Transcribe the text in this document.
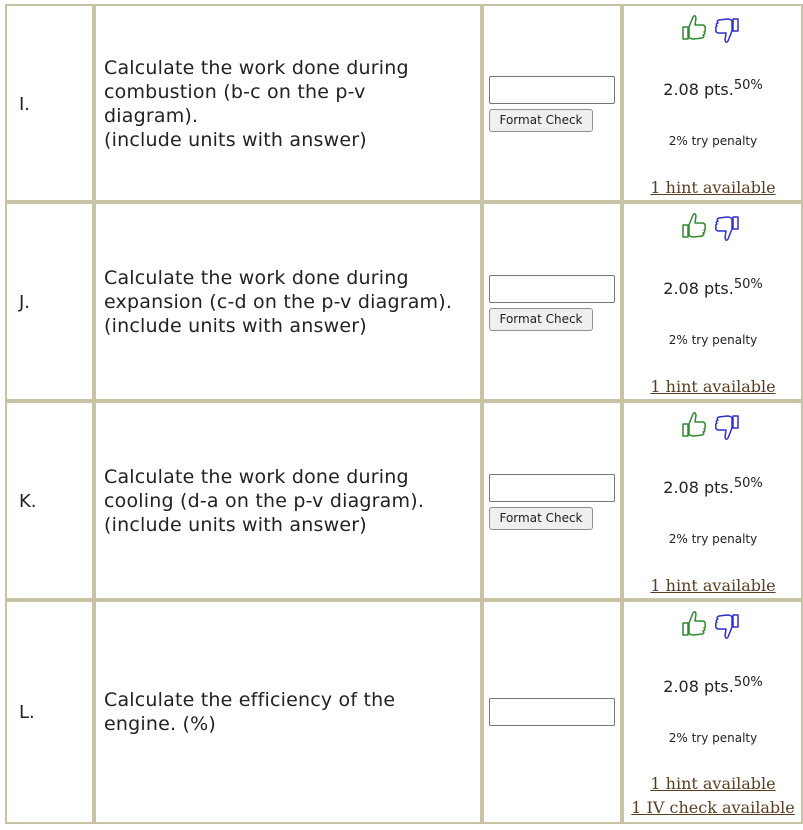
I.
Calculate the work done during
combustion (b-c on the p-v
diagram).
(include units with answer)
Format Check

2.08 pts.$^{50\%}$
2% try penalty
1 hint available
J.
Calculate the work done during
expansion (c-d on the p-v diagram).
(include units with answer)	Format Check

2.08 pts.$^{50\%}$
2% try penalty
1 hint available
K.
Calculate the work done during
cooling (d-a on the p-v diagram).
(include units with answer)	Format Check

2.08 pts.$^{50\%}$
2% try penalty
1 hint available
L.
Calculate the efficiency of the
engine. (%)

2.08 pts.$^{50\%}$
2% try penalty
1 hint available
1 IV check available
